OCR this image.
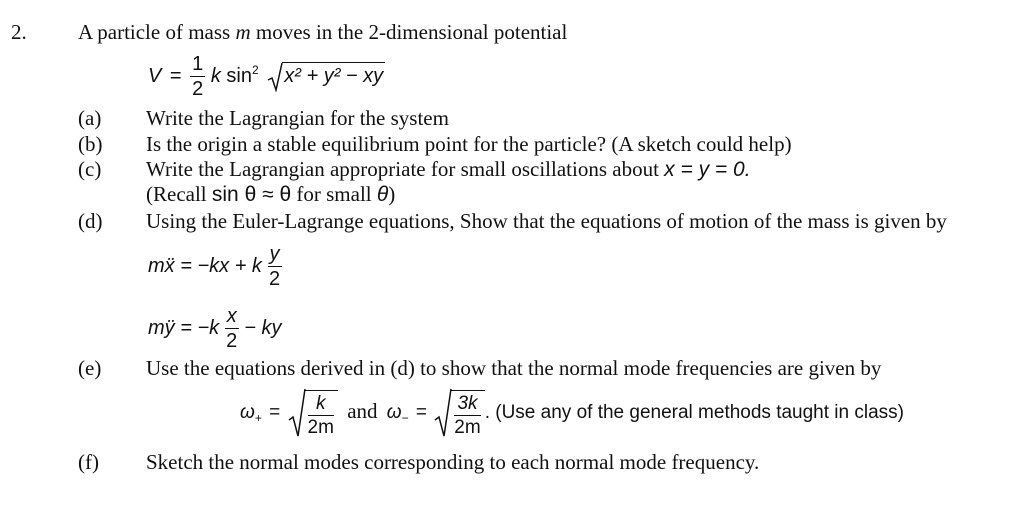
2. A particle of mass m moves in the 2-dimensional potential
$V = \frac{1}{2}$ k $\sin^2 x^2 + y^2$ − xy
(a) Write the Lagrangian for the system
(b) Is the origin a stable equilibrium point for the particle? (A sketch could help)
(c) Write the Lagrangian appropriate for small oscillations about x = y = 0.
(Recall sin θ ≈ θ for small θ)
(d) Using the Euler-Lagrange equations, Show that the equations of motion of the mass is given by
mẍ = −kx + k $\frac{y}{2}$
mÿ = $-k \frac{x}{2}$ − ky
(e) Use the equations derived in (d) to show that the normal mode frequencies are given by
$\omega_+ = \frac{k}{2m}$ and $\omega_- = \frac{3k}{2m}$ . (Use any of the general methods taught in class)
(f) Sketch the normal modes corresponding to each normal mode frequency.
